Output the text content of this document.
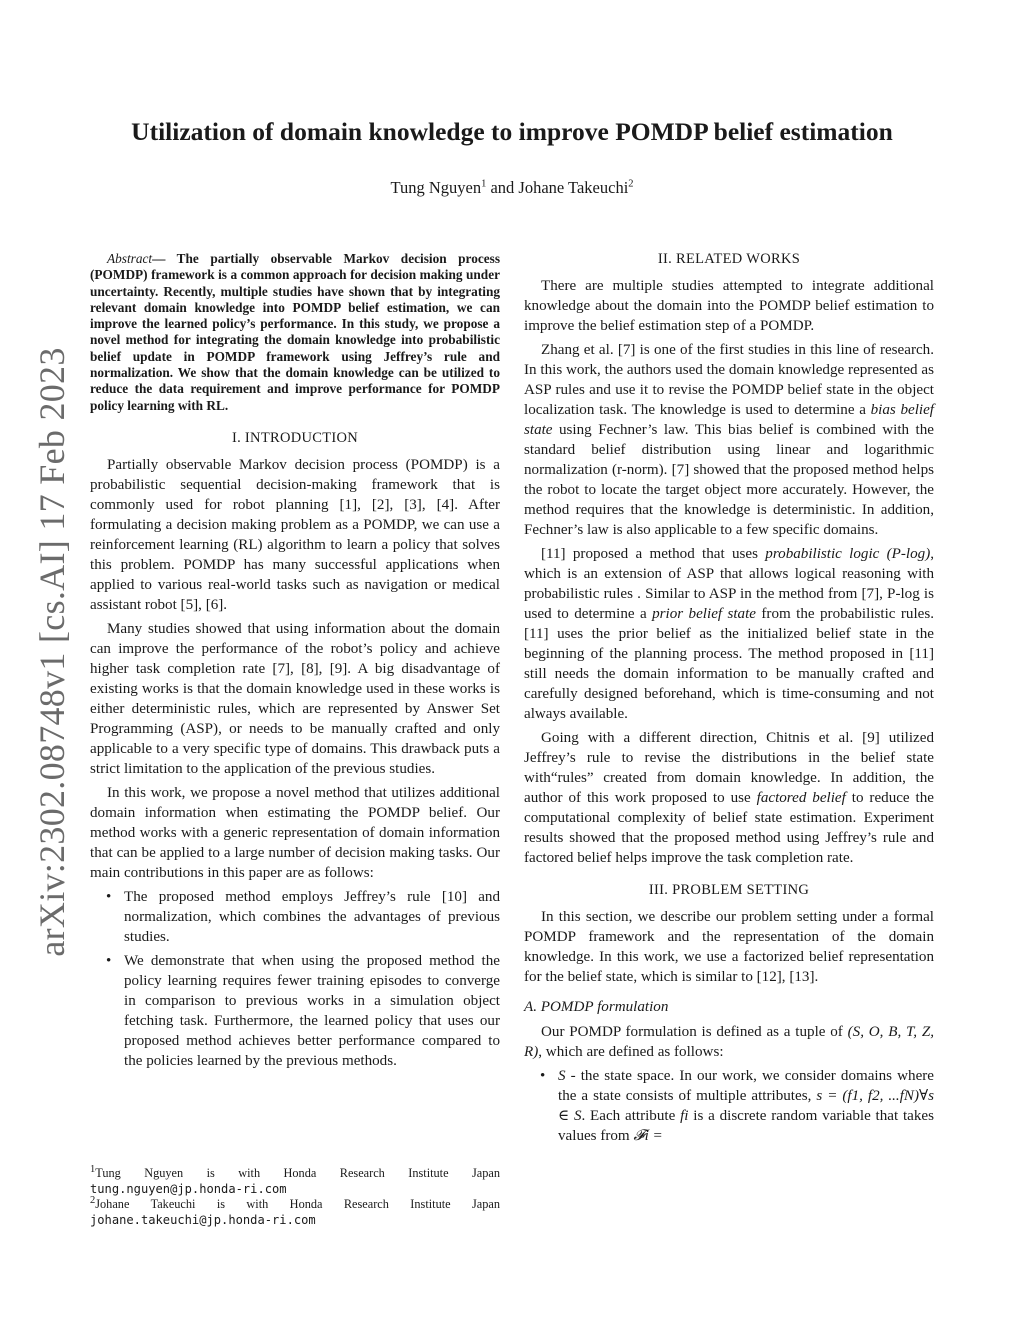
arXiv:2302.08748v1 [cs.AI] 17 Feb 2023
Utilization of domain knowledge to improve POMDP belief estimation
Tung Nguyen$^1$ and Johane Takeuchi$^2$

Abstract— The partially observable Markov decision process (POMDP) framework is a common approach for decision making under uncertainty. Recently, multiple studies have shown that by integrating relevant domain knowledge into POMDP belief estimation, we can improve the learned policy’s performance. In this study, we propose a novel method for integrating the domain knowledge into probabilistic belief update in POMDP framework using Jeffrey’s rule and normalization. We show that the domain knowledge can be utilized to reduce the data requirement and improve performance for POMDP policy learning with RL.

I. INTRODUCTION

Partially observable Markov decision process (POMDP) is a probabilistic sequential decision-making framework that is commonly used for robot planning [1], [2], [3], [4]. After formulating a decision making problem as a POMDP, we can use a reinforcement learning (RL) algorithm to learn a policy that solves this problem. POMDP has many successful applications when applied to various real-world tasks such as navigation or medical assistant robot [5], [6].

Many studies showed that using information about the domain can improve the performance of the robot’s policy and achieve higher task completion rate [7], [8], [9]. A big disadvantage of existing works is that the domain knowledge used in these works is either deterministic rules, which are represented by Answer Set Programming (ASP), or needs to be manually crafted and only applicable to a very specific type of domains. This drawback puts a strict limitation to the application of the previous studies.

In this work, we propose a novel method that utilizes additional domain information when estimating the POMDP belief. Our method works with a generic representation of domain information that can be applied to a large number of decision making tasks. Our main contributions in this paper are as follows:

• The proposed method employs Jeffrey’s rule [10] and normalization, which combines the advantages of previous studies.
• We demonstrate that when using the proposed method the policy learning requires fewer training episodes to converge in comparison to previous works in a simulation object fetching task. Furthermore, the learned policy that uses our proposed method achieves better performance compared to the policies learned by the previous methods.
$^1$Tung Nguyen is with Honda Research Institute Japan
tung.nguyen@jp.honda-ri.com
$^2$Johane Takeuchi is with Honda Research Institute Japan
johane.takeuchi@jp.honda-ri.com
II. RELATED WORKS

There are multiple studies attempted to integrate additional knowledge about the domain into the POMDP belief estimation to improve the belief estimation step of a POMDP.

Zhang et al. [7] is one of the first studies in this line of research. In this work, the authors used the domain knowledge represented as ASP rules and use it to revise the POMDP belief state in the object localization task. The knowledge is used to determine a bias belief state using Fechner’s law. This bias belief is combined with the standard belief distribution using linear and logarithmic normalization (r-norm). [7] showed that the proposed method helps the robot to locate the target object more accurately. However, the method requires that the knowledge is deterministic. In addition, Fechner’s law is also applicable to a few specific domains.

[11] proposed a method that uses probabilistic logic (P-log), which is an extension of ASP that allows logical reasoning with probabilistic rules . Similar to ASP in the method from [7], P-log is used to determine a prior belief state from the probabilistic rules. [11] uses the prior belief as the initialized belief state in the beginning of the planning process. The method proposed in [11] still needs the domain information to be manually crafted and carefully designed beforehand, which is time-consuming and not always available.

Going with a different direction, Chitnis et al. [9] utilized Jeffrey’s rule to revise the distributions in the belief state with“rules” created from domain knowledge. In addition, the author of this work proposed to use factored belief to reduce the computational complexity of belief state estimation. Experiment results showed that the proposed method using Jeffrey’s rule and factored belief helps improve the task completion rate.

III. PROBLEM SETTING

In this section, we describe our problem setting under a formal POMDP framework and the representation of the domain knowledge. In this work, we use a factorized belief representation for the belief state, which is similar to [12], [13].

A. POMDP formulation

Our POMDP formulation is defined as a tuple of (S, O, B, T, Z, R), which are defined as follows:

• S - the state space. In our work, we consider domains where the a state consists of multiple attributes, s = (f1, f2, ...fN)∀s ∈ S. Each attribute fi is a discrete random variable that takes values from 𝓕i =
